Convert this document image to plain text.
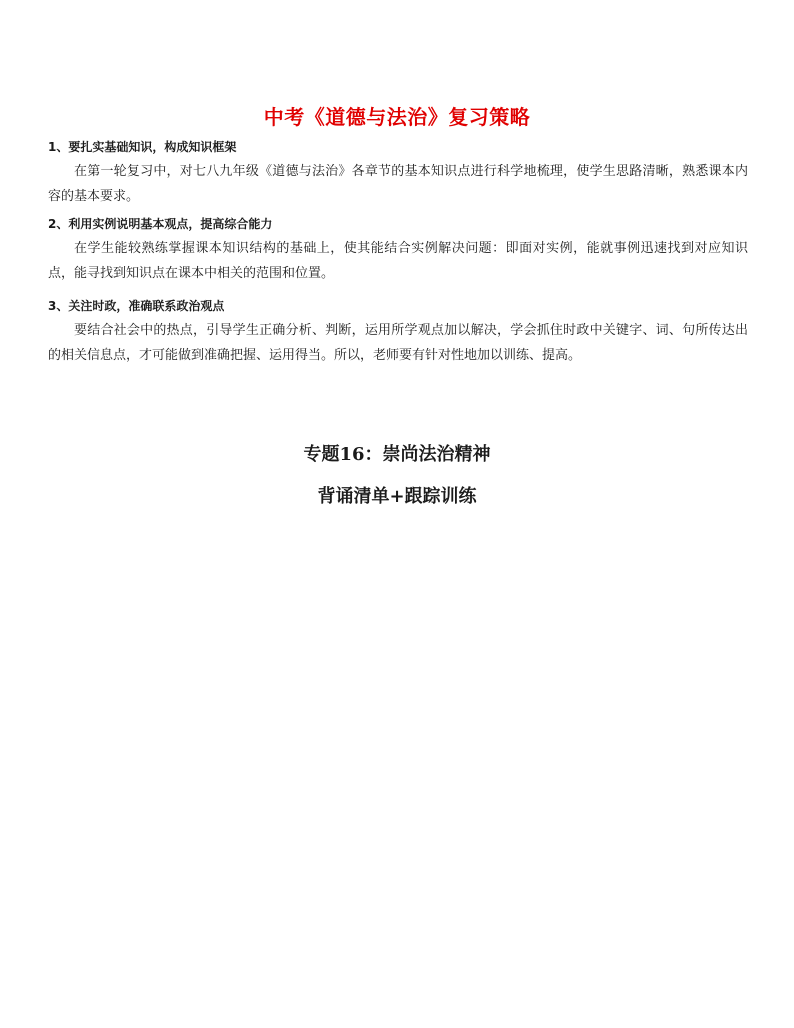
中考《道德与法治》复习策略
1、要扎实基础知识，构成知识框架
在第一轮复习中，对七八九年级《道德与法治》各章节的基本知识点进行科学地梳理，使学生思路清晰，熟悉课本内容的基本要求。
2、利用实例说明基本观点，提高综合能力
在学生能较熟练掌握课本知识结构的基础上，使其能结合实例解决问题：即面对实例，能就事例迅速找到对应知识点，能寻找到知识点在课本中相关的范围和位置。
3、关注时政，准确联系政治观点
要结合社会中的热点，引导学生正确分析、判断，运用所学观点加以解决，学会抓住时政中关键字、词、句所传达出的相关信息点，才可能做到准确把握、运用得当。所以，老师要有针对性地加以训练、提高。
专题16：崇尚法治精神
背诵清单+跟踪训练
